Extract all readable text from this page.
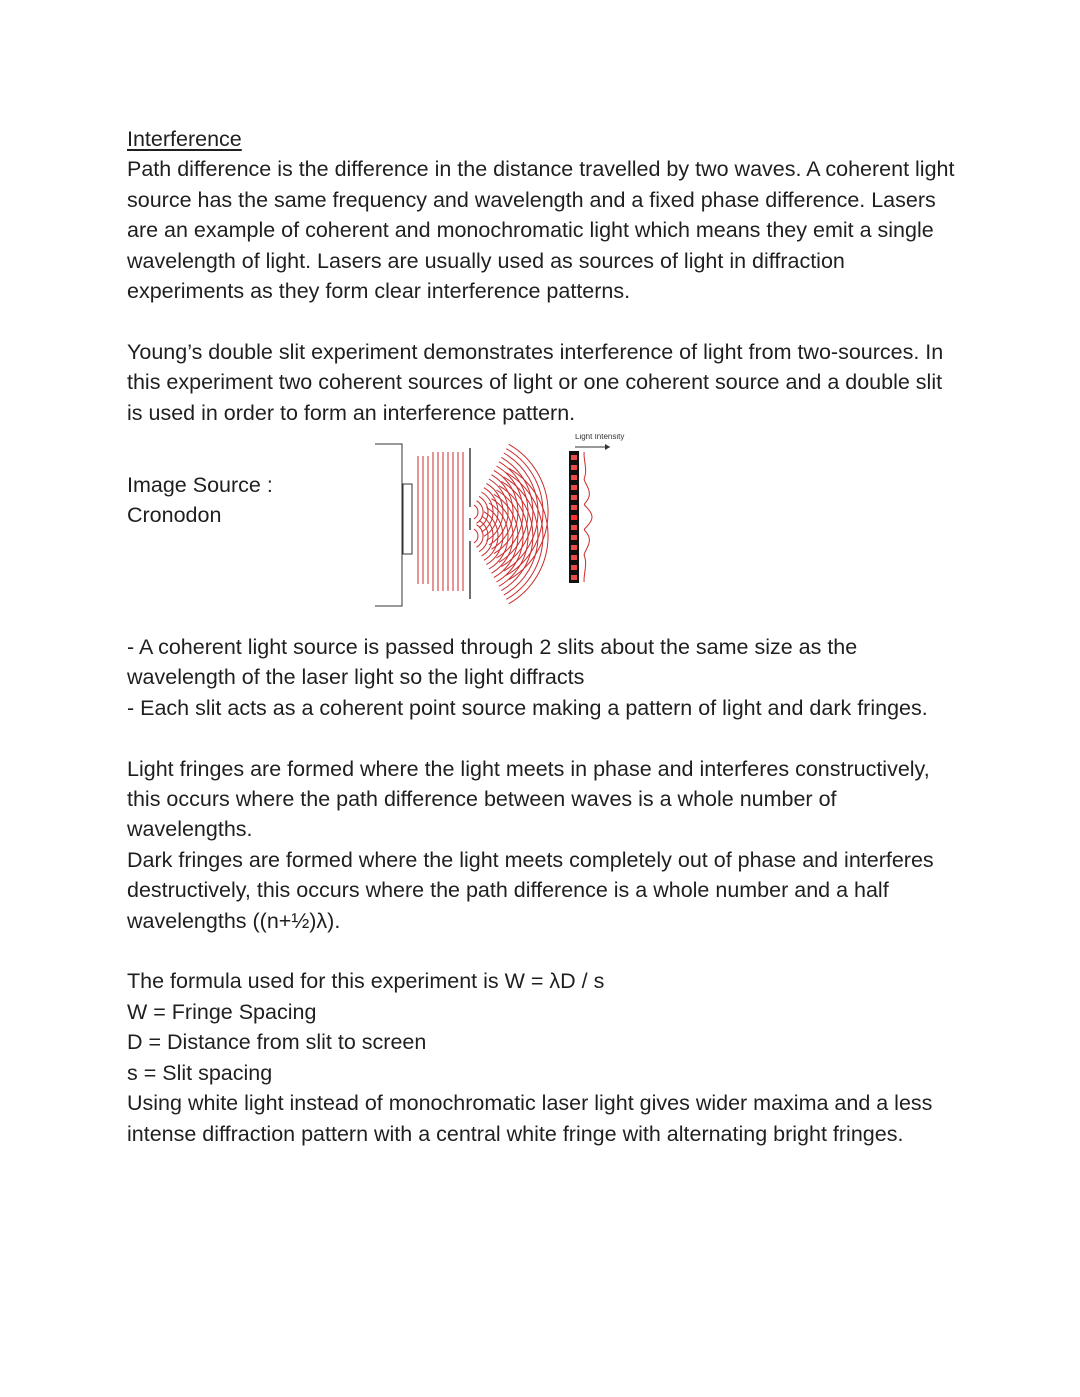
Interference

Path difference is the difference in the distance travelled by two waves. A coherent light source has the same frequency and wavelength and a fixed phase difference. Lasers are an example of coherent and monochromatic light which means they emit a single wavelength of light. Lasers are usually used as sources of light in diffraction experiments as they form clear interference patterns.

Young’s double slit experiment demonstrates interference of light from two-sources. In this experiment two coherent sources of light or one coherent source and a double slit is used in order to form an interference pattern.

Image Source :
Cronodon
Light Intensity

- A coherent light source is passed through 2 slits about the same size as the wavelength of the laser light so the light diffracts

- Each slit acts as a coherent point source making a pattern of light and dark fringes.

Light fringes are formed where the light meets in phase and interferes constructively, this occurs where the path difference between waves is a whole number of wavelengths.

Dark fringes are formed where the light meets completely out of phase and interferes destructively, this occurs where the path difference is a whole number and a half wavelengths ((n+½)λ).

The formula used for this experiment is W = λD / s

W = Fringe Spacing

D = Distance from slit to screen

s = Slit spacing

Using white light instead of monochromatic laser light gives wider maxima and a less intense diffraction pattern with a central white fringe with alternating bright fringes.
